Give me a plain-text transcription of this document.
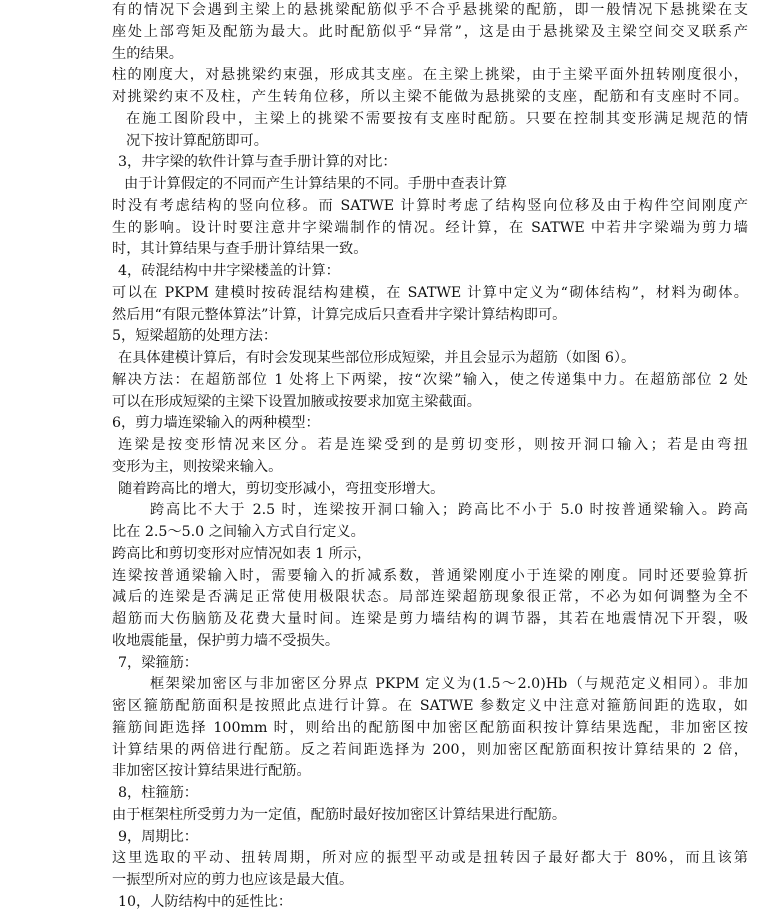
有的情况下会遇到主梁上的悬挑梁配筋似乎不合乎悬挑梁的配筋，即一般情况下悬挑梁在支
座处上部弯矩及配筋为最大。此时配筋似乎“异常”，这是由于悬挑梁及主梁空间交叉联系产
生的结果。
柱的刚度大，对悬挑梁约束强，形成其支座。在主梁上挑梁，由于主梁平面外扭转刚度很小，
对挑梁约束不及柱，产生转角位移，所以主梁不能做为悬挑梁的支座，配筋和有支座时不同。
在施工图阶段中，主梁上的挑梁不需要按有支座时配筋。只要在控制其变形满足规范的情
况下按计算配筋即可。
3，井字梁的软件计算与查手册计算的对比：
由于计算假定的不同而产生计算结果的不同。手册中查表计算
时没有考虑结构的竖向位移。而 SATWE 计算时考虑了结构竖向位移及由于构件空间刚度产
生的影响。设计时要注意井字梁端制作的情况。经计算，在 SATWE 中若井字梁端为剪力墙
时，其计算结果与查手册计算结果一致。
4，砖混结构中井字梁楼盖的计算：
可以在 PKPM 建模时按砖混结构建模，在 SATWE 计算中定义为“砌体结构”，材料为砌体。
然后用“有限元整体算法”计算，计算完成后只查看井字梁计算结构即可。
5，短梁超筋的处理方法：
在具体建模计算后，有时会发现某些部位形成短梁，并且会显示为超筋（如图 6）。
解决方法：在超筋部位 1 处将上下两梁，按“次梁”输入，使之传递集中力。在超筋部位 2 处
可以在形成短梁的主梁下设置加腋或按要求加宽主梁截面。
6，剪力墙连梁输入的两种模型：
连梁是按变形情况来区分。若是连梁受到的是剪切变形，则按开洞口输入；若是由弯扭
变形为主，则按梁来输入。
随着跨高比的增大，剪切变形减小，弯扭变形增大。
跨高比不大于 2.5 时，连梁按开洞口输入；跨高比不小于 5.0 时按普通梁输入。跨高
比在 2.5～5.0 之间输入方式自行定义。
跨高比和剪切变形对应情况如表 1 所示，
连梁按普通梁输入时，需要输入的折减系数，普通梁刚度小于连梁的刚度。同时还要验算折
减后的连梁是否满足正常使用极限状态。局部连梁超筋现象很正常，不必为如何调整为全不
超筋而大伤脑筋及花费大量时间。连梁是剪力墙结构的调节器，其若在地震情况下开裂，吸
收地震能量，保护剪力墙不受损失。
7，梁箍筋：
框架梁加密区与非加密区分界点 PKPM 定义为(1.5～2.0)Hb（与规范定义相同）。非加
密区箍筋配筋面积是按照此点进行计算。在 SATWE 参数定义中注意对箍筋间距的选取，如
箍筋间距选择 100mm 时，则给出的配筋图中加密区配筋面积按计算结果选配，非加密区按
计算结果的两倍进行配筋。反之若间距选择为 200，则加密区配筋面积按计算结果的 2 倍，
非加密区按计算结果进行配筋。
8，柱箍筋：
由于框架柱所受剪力为一定值，配筋时最好按加密区计算结果进行配筋。
9，周期比：
这里选取的平动、扭转周期，所对应的振型平动或是扭转因子最好都大于 80%，而且该第
一振型所对应的剪力也应该是最大值。
10，人防结构中的延性比：
